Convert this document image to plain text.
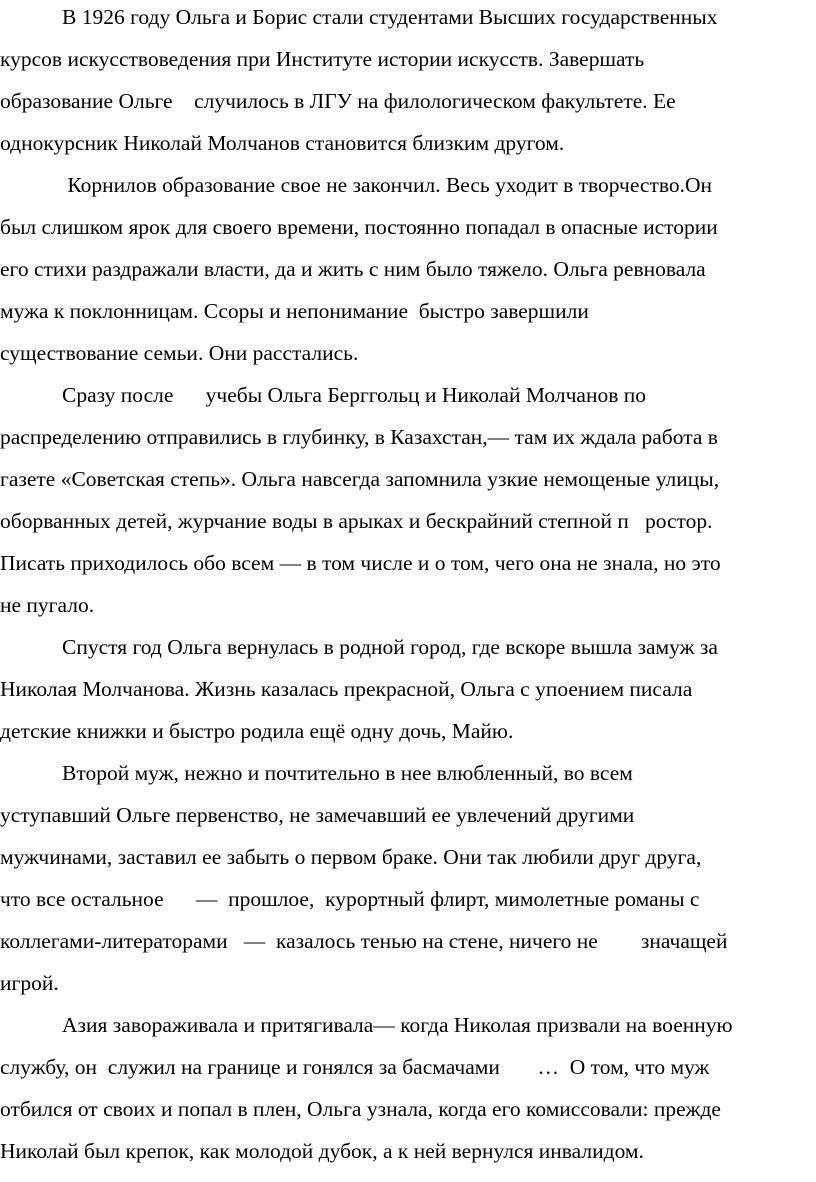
В 1926 году Ольга и Борис стали студентами Высших государственных
курсов искусствоведения при Институте истории искусств. Завершать
образование Ольге    случилось в ЛГУ на филологическом факультете. Ее
однокурсник Николай Молчанов становится близким другом.
Корнилов образование свое не закончил. Весь уходит в творчество.Он
был слишком ярок для своего времени, постоянно попадал в опасные истории
его стихи раздражали власти, да и жить с ним было тяжело. Ольга ревновала
мужа к поклонницам. Ссоры и непонимание  быстро завершили
существование семьи. Они расстались.
Сразу после      учебы Ольга Берггольц и Николай Молчанов по
распределению отправились в глубинку, в Казахстан,— там их ждала работа в
газете «Советская степь». Ольга навсегда запомнила узкие немощеные улицы,
оборванных детей, журчание воды в арыках и бескрайний степной п   ростор.
Писать приходилось обо всем — в том числе и о том, чего она не знала, но это
не пугало.
Спустя год Ольга вернулась в родной город, где вскоре вышла замуж за
Николая Молчанова. Жизнь казалась прекрасной, Ольга с упоением писала
детские книжки и быстро родила ещё одну дочь, Майю.
Второй муж, нежно и почтительно в нее влюбленный, во всем
уступавший Ольге первенство, не замечавший ее увлечений другими
мужчинами, заставил ее забыть о первом браке. Они так любили друг друга,
что все остальное      —  прошлое,  курортный флирт, мимолетные романы с
коллегами-литераторами   —  казалось тенью на стене, ничего не        значащей
игрой.
Азия завораживала и притягивала— когда Николая призвали на военную
службу, он  служил на границе и гонялся за басмачами       …  О том, что муж
отбился от своих и попал в плен, Ольга узнала, когда его комиссовали: прежде
Николай был крепок, как молодой дубок, а к ней вернулся инвалидом.
